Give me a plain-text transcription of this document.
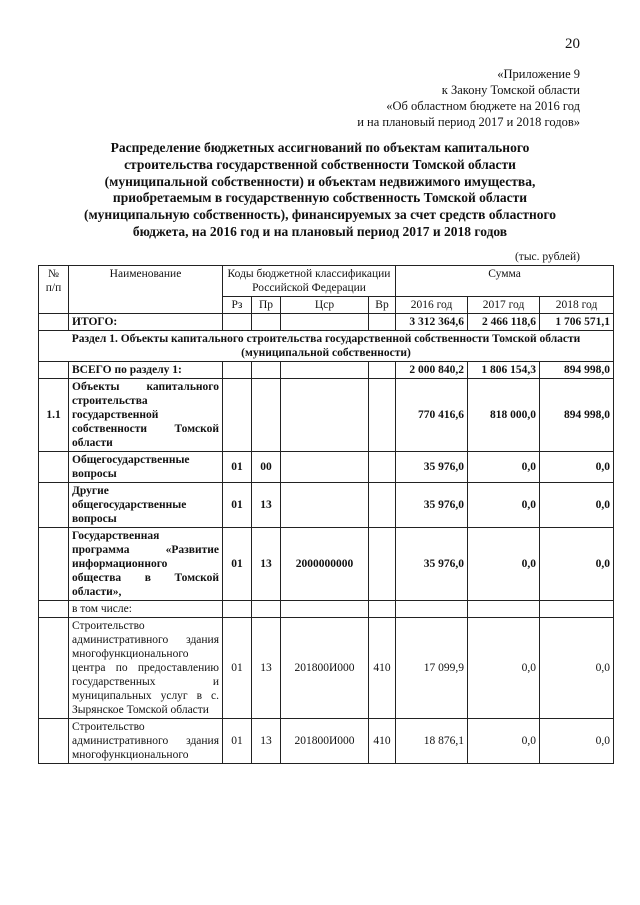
20
«Приложение 9
к Закону Томской области
«Об областном бюджете на 2016 год
и на плановый период 2017 и 2018 годов»
Распределение бюджетных ассигнований по объектам капитального
строительства государственной собственности Томской области
(муниципальной собственности) и объектам недвижимого имущества,
приобретаемым в государственную собственность Томской области
(муниципальную собственность), финансируемых за счет средств областного
бюджета, на 2016 год и на плановый период 2017 и 2018 годов
(тыс. рублей)
№ п/п	Наименование	Коды бюджетной классификации Российской Федерации				Сумма		
		Рз	Пр	Цср	Вр	2016 год	2017 год	2018 год
	ИТОГО:					3 312 364,6	2 466 118,6	1 706 571,1
Раздел 1. Объекты капитального строительства государственной собственности Томской области (муниципальной собственности)								
	ВСЕГО по разделу 1:					2 000 840,2	1 806 154,3	894 998,0
1.1	Объекты капитального строительства государственной собственности Томской области					770 416,6	818 000,0	894 998,0
	Общегосударственные вопросы	01	00			35 976,0	0,0	0,0
	Другие общегосударственные вопросы	01	13			35 976,0	0,0	0,0
	Государственная программа «Развитие информационного общества в Томской области»,	01	13	2000000000		35 976,0	0,0	0,0
	в том числе:							
	Строительство административного здания многофункционального центра по предоставлению государственных и муниципальных услуг в с. Зырянское Томской области	01	13	201800И000	410	17 099,9	0,0	0,0
	Строительство административного здания многофункционального	01	13	201800И000	410	18 876,1	0,0	0,0
